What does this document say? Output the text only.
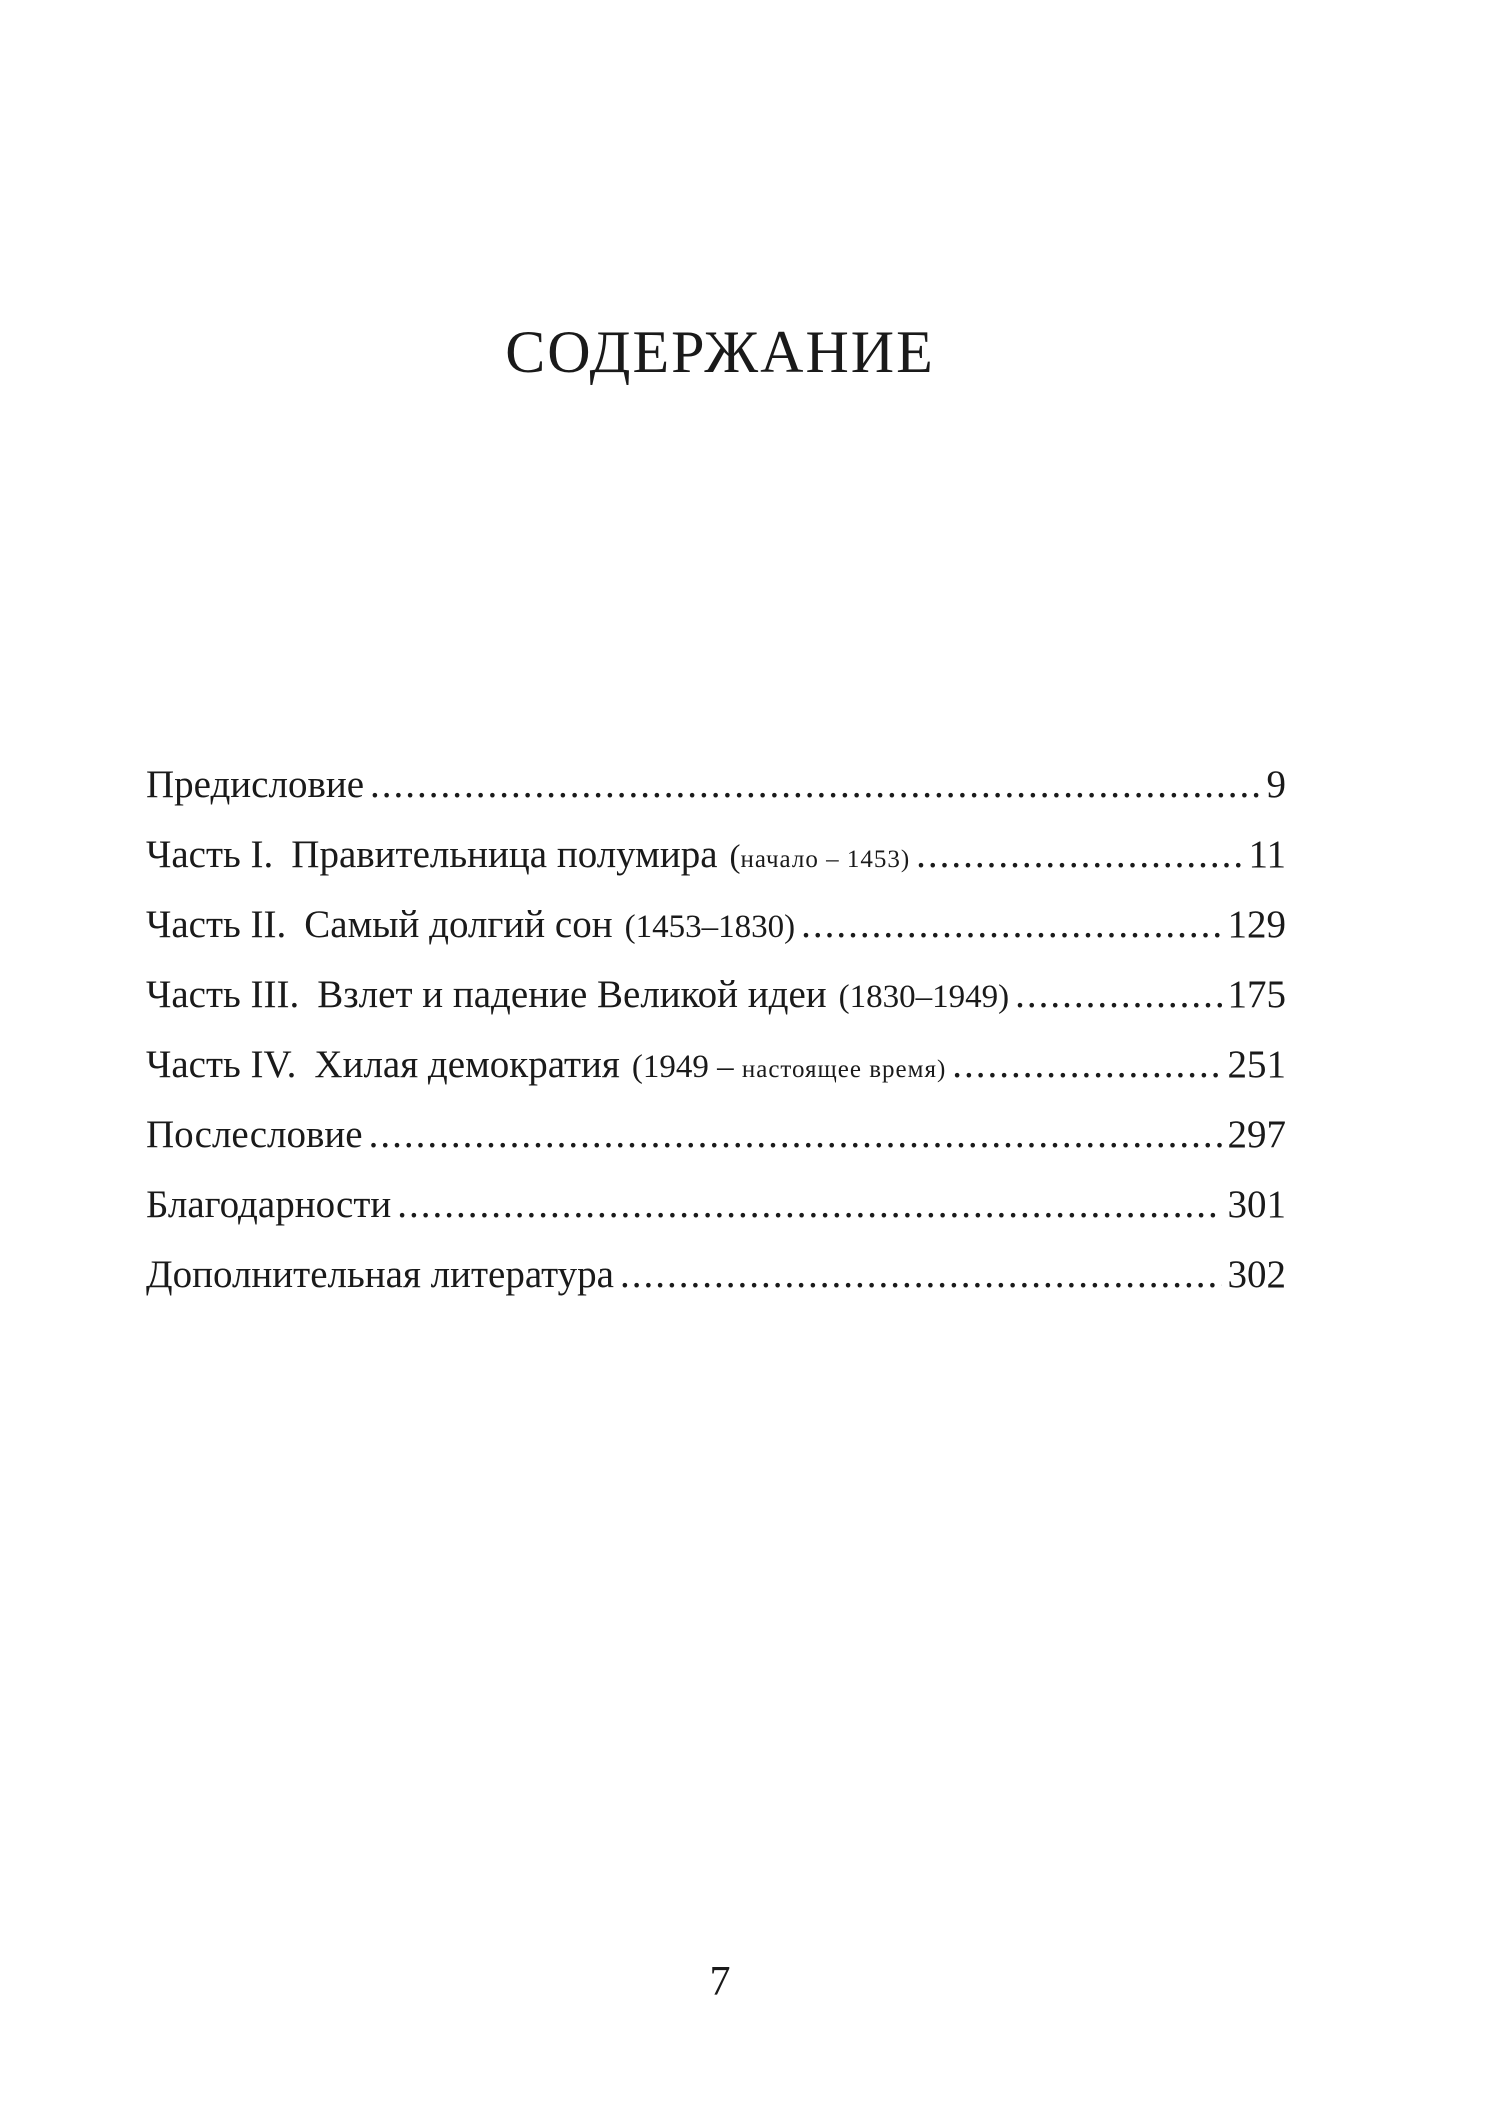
СОДЕРЖАНИЕ
Предисловие .....	9
Часть I. Правительница полумира (начало – 1453) .....	11
Часть II. Самый долгий сон (1453–1830) .....	129
Часть III. Взлет и падение Великой идеи (1830–1949) .....	175
Часть IV. Хилая демократия (1949 – настоящее время) .....	251
Послесловие .....	297
Благодарности .....	301
Дополнительная литература .....	302
7
